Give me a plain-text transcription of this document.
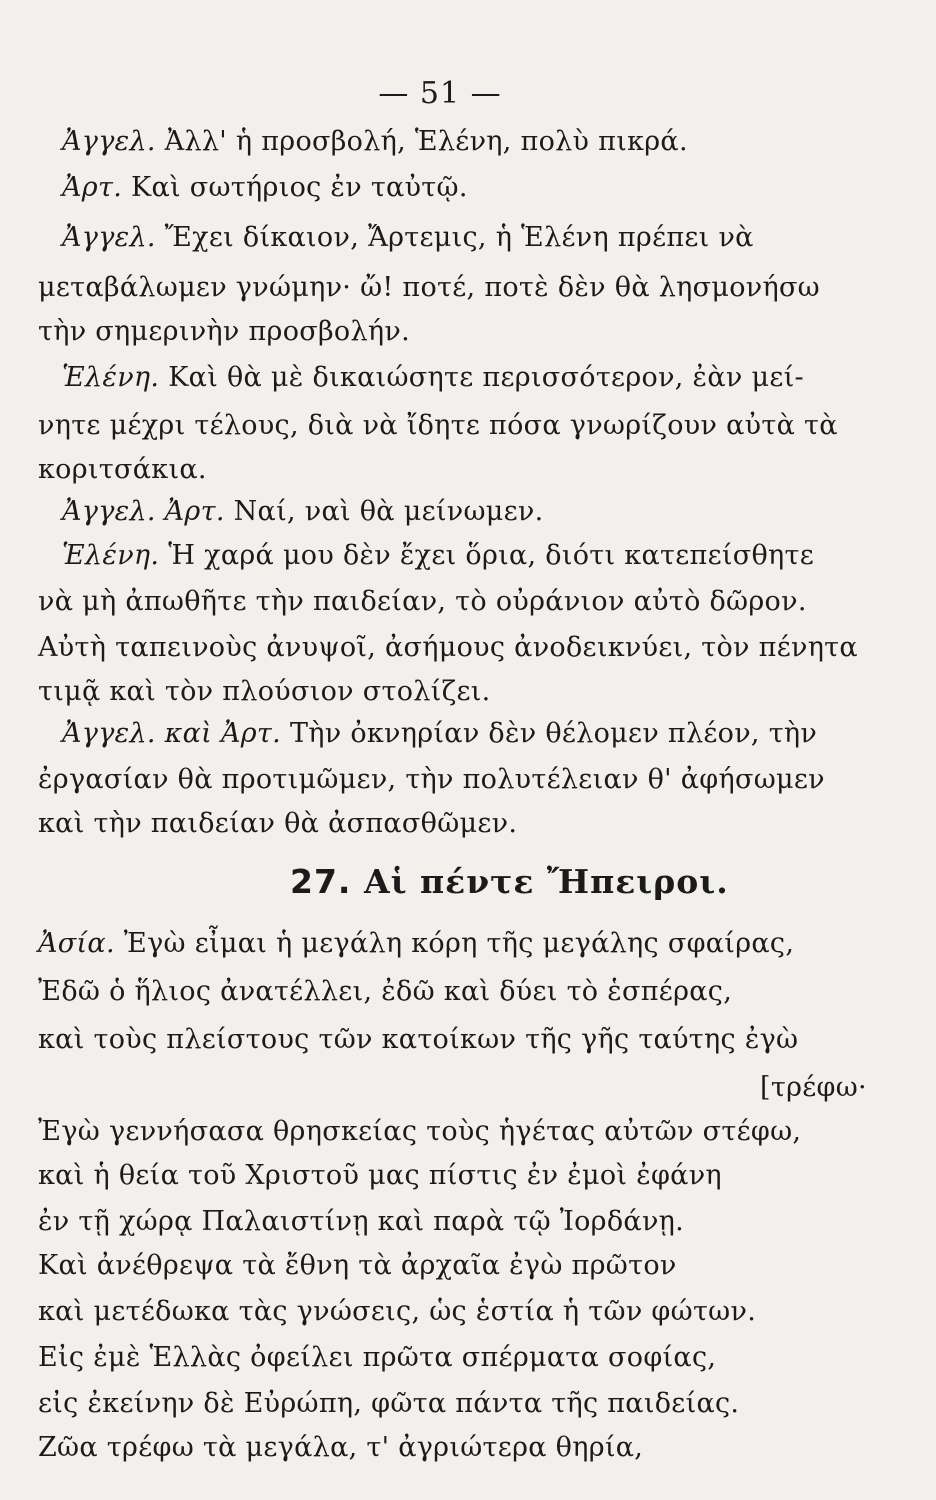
— 51 —
Ἀγγελ. Ἀλλ' ἡ προσβολή, Ἑλένη, πολὺ πικρά.
Ἀρτ. Καὶ σωτήριος ἐν ταὐτῷ.
Ἀγγελ. Ἔχει δίκαιον, Ἄρτεμις, ἡ Ἑλένη πρέπει νὰ
μεταβάλωμεν γνώμην· ὤ! ποτέ, ποτὲ δὲν θὰ λησμονήσω
τὴν σημερινὴν προσβολήν.
Ἑλένη. Καὶ θὰ μὲ δικαιώσητε περισσότερον, ἐὰν μεί-
νητε μέχρι τέλους, διὰ νὰ ἴδητε πόσα γνωρίζουν αὐτὰ τὰ
κοριτσάκια.
Ἀγγελ. Ἀρτ. Ναί, ναὶ θὰ μείνωμεν.
Ἑλένη. Ἡ χαρά μου δὲν ἔχει ὅρια, διότι κατεπείσθητε
νὰ μὴ ἀπωθῆτε τὴν παιδείαν, τὸ οὐράνιον αὐτὸ δῶρον.
Αὐτὴ ταπεινοὺς ἀνυψοῖ, ἀσήμους ἀνοδεικνύει, τὸν πένητα
τιμᾷ καὶ τὸν πλούσιον στολίζει.
Ἀγγελ. καὶ Ἀρτ. Τὴν ὀκνηρίαν δὲν θέλομεν πλέον, τὴν
ἐργασίαν θὰ προτιμῶμεν, τὴν πολυτέλειαν θ' ἀφήσωμεν
καὶ τὴν παιδείαν θὰ ἀσπασθῶμεν.
27. Αἱ πέντε Ἤπειροι.
Ἀσία. Ἐγὼ εἶμαι ἡ μεγάλη κόρη τῆς μεγάλης σφαίρας,
Ἐδῶ ὁ ἥλιος ἀνατέλλει, ἐδῶ καὶ δύει τὸ ἑσπέρας,
καὶ τοὺς πλείστους τῶν κατοίκων τῆς γῆς ταύτης ἐγὼ
[τρέφω·
Ἐγὼ γεννήσασα θρησκείας τοὺς ἡγέτας αὐτῶν στέφω,
καὶ ἡ θεία τοῦ Χριστοῦ μας πίστις ἐν ἐμοὶ ἐφάνη
ἐν τῇ χώρᾳ Παλαιστίνῃ καὶ παρὰ τῷ Ἰορδάνῃ.
Καὶ ἀνέθρεψα τὰ ἔθνη τὰ ἀρχαῖα ἐγὼ πρῶτον
καὶ μετέδωκα τὰς γνώσεις, ὡς ἑστία ἡ τῶν φώτων.
Εἰς ἐμὲ Ἑλλὰς ὀφείλει πρῶτα σπέρματα σοφίας,
εἰς ἐκείνην δὲ Εὐρώπη, φῶτα πάντα τῆς παιδείας.
Ζῶα τρέφω τὰ μεγάλα, τ' ἀγριώτερα θηρία,
